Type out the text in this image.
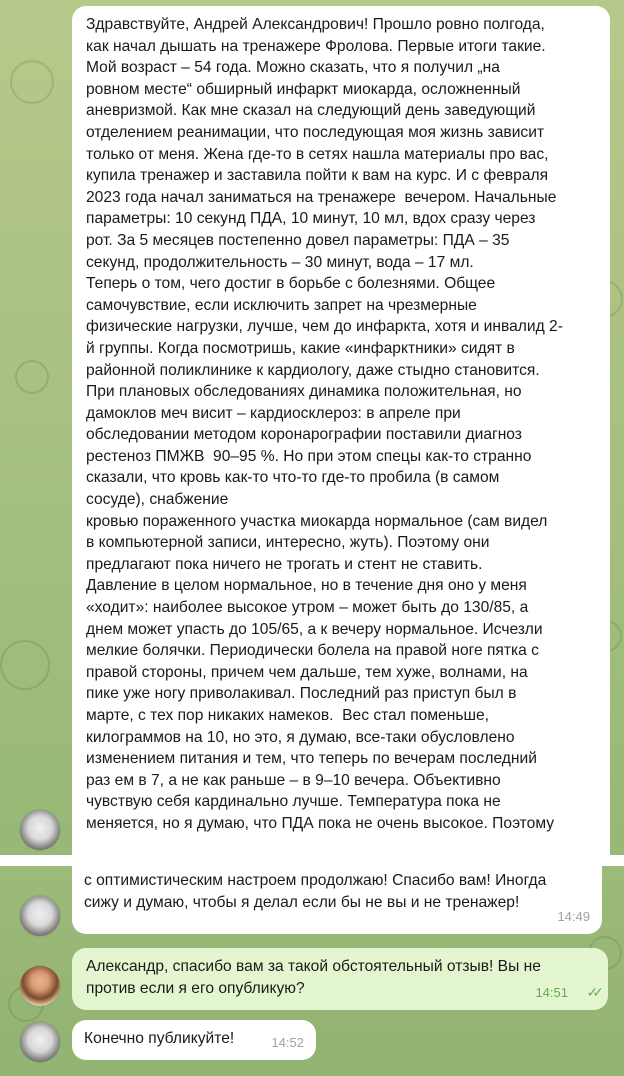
Здравствуйте, Андрей Александрович! Прошло ровно полгода,
как начал дышать на тренажере Фролова. Первые итоги такие.
Мой возраст – 54 года. Можно сказать, что я получил „на
ровном месте“ обширный инфаркт миокарда, осложненный
аневризмой. Как мне сказал на следующий день заведующий
отделением реанимации, что последующая моя жизнь зависит
только от меня. Жена где-то в сетях нашла материалы про вас,
купила тренажер и заставила пойти к вам на курс. И с февраля
2023 года начал заниматься на тренажере  вечером. Начальные
параметры: 10 секунд ПДА, 10 минут, 10 мл, вдох сразу через
рот. За 5 месяцев постепенно довел параметры: ПДА – 35
секунд, продолжительность – 30 минут, вода – 17 мл.
Теперь о том, чего достиг в борьбе с болезнями. Общее
самочувствие, если исключить запрет на чрезмерные
физические нагрузки, лучше, чем до инфаркта, хотя и инвалид 2-
й группы. Когда посмотришь, какие «инфарктники» сидят в
районной поликлинике к кардиологу, даже стыдно становится.
При плановых обследованиях динамика положительная, но
дамоклов меч висит – кардиосклероз: в апреле при
обследовании методом коронарографии поставили диагноз
рестеноз ПМЖВ  90–95 %. Но при этом спецы как-то странно
сказали, что кровь как-то что-то где-то пробила (в самом
сосуде), снабжение
кровью пораженного участка миокарда нормальное (сам видел
в компьютерной записи, интересно, жуть). Поэтому они
предлагают пока ничего не трогать и стент не ставить.
Давление в целом нормальное, но в течение дня оно у меня
«ходит»: наиболее высокое утром – может быть до 130/85, а
днем может упасть до 105/65, а к вечеру нормальное. Исчезли
мелкие болячки. Периодически болела на правой ноге пятка с
правой стороны, причем чем дальше, тем хуже, волнами, на
пике уже ногу приволакивал. Последний раз приступ был в
марте, с тех пор никаких намеков.  Вес стал поменьше,
килограммов на 10, но это, я думаю, все-таки обусловлено
изменением питания и тем, что теперь по вечерам последний
раз ем в 7, а не как раньше – в 9–10 вечера. Объективно
чувствую себя кардинально лучше. Температура пока не
меняется, но я думаю, что ПДА пока не очень высокое. Поэтому

с оптимистическим настроем продолжаю! Спасибо вам! Иногда
сижу и думаю, чтобы я делал если бы не вы и не тренажер!

14:49

Александр, спасибо вам за такой обстоятельный отзыв! Вы не
против если я его опубликую?	14:51 ✓✓

Конечно публикуйте!	14:52
